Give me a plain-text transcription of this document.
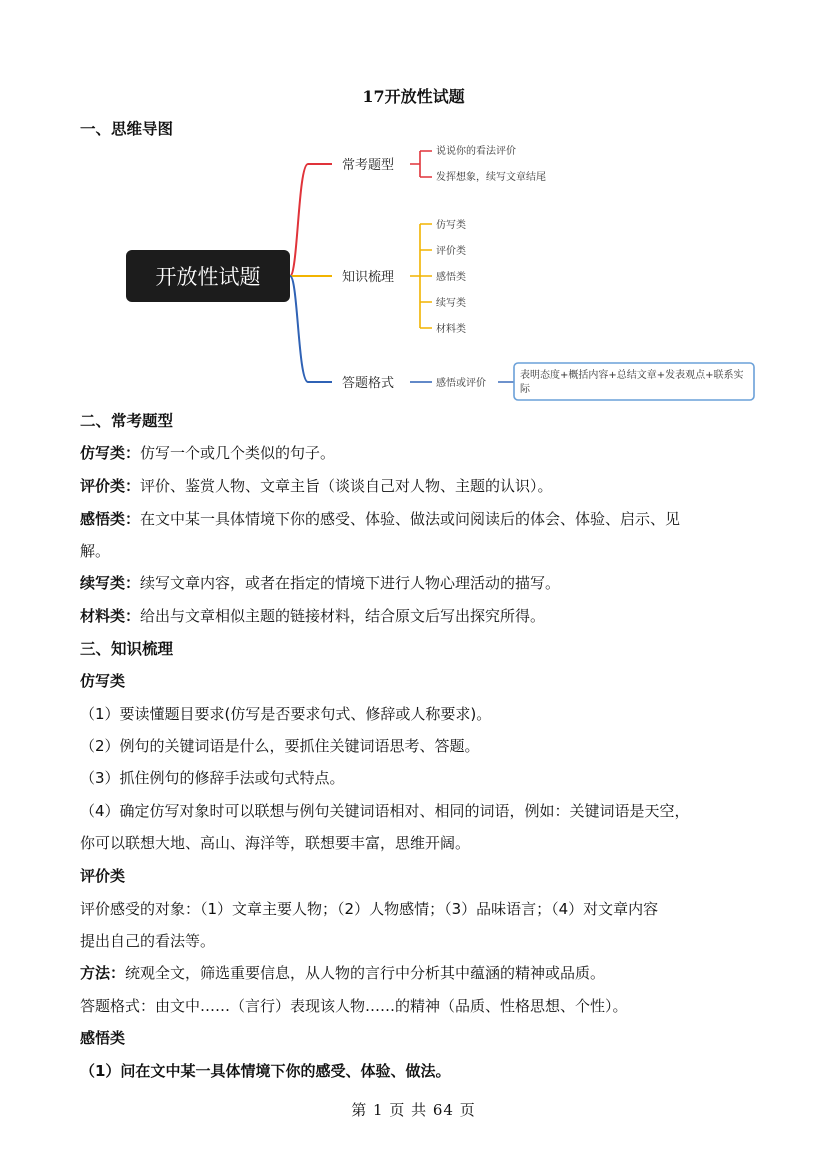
17开放性试题
一、思维导图
开放性试题
常考题型
说说你的看法评价
发挥想象，续写文章结尾
知识梳理
仿写类
评价类
感悟类
续写类
材料类
答题格式	感悟或评价
表明态度+概括内容+总结文章+发表观点+联系实
际
二、常考题型
仿写类：仿写一个或几个类似的句子。
评价类：评价、鉴赏人物、文章主旨（谈谈自己对人物、主题的认识）。
感悟类：在文中某一具体情境下你的感受、体验、做法或问阅读后的体会、体验、启示、见
解。
续写类：续写文章内容，或者在指定的情境下进行人物心理活动的描写。
材料类：给出与文章相似主题的链接材料，结合原文后写出探究所得。
三、知识梳理
仿写类
（1）要读懂题目要求(仿写是否要求句式、修辞或人称要求)。
（2）例句的关键词语是什么，要抓住关键词语思考、答题。
（3）抓住例句的修辞手法或句式特点。
（4）确定仿写对象时可以联想与例句关键词语相对、相同的词语，例如：关键词语是天空，
你可以联想大地、高山、海洋等，联想要丰富，思维开阔。
评价类
评价感受的对象：（1）文章主要人物；（2）人物感情；（3）品味语言；（4）对文章内容
提出自己的看法等。
方法：统观全文，筛选重要信息，从人物的言行中分析其中蕴涵的精神或品质。
答题格式：由文中……（言行）表现该人物……的精神（品质、性格思想、个性）。
感悟类
（1）问在文中某一具体情境下你的感受、体验、做法。
第 1 页 共 64 页
